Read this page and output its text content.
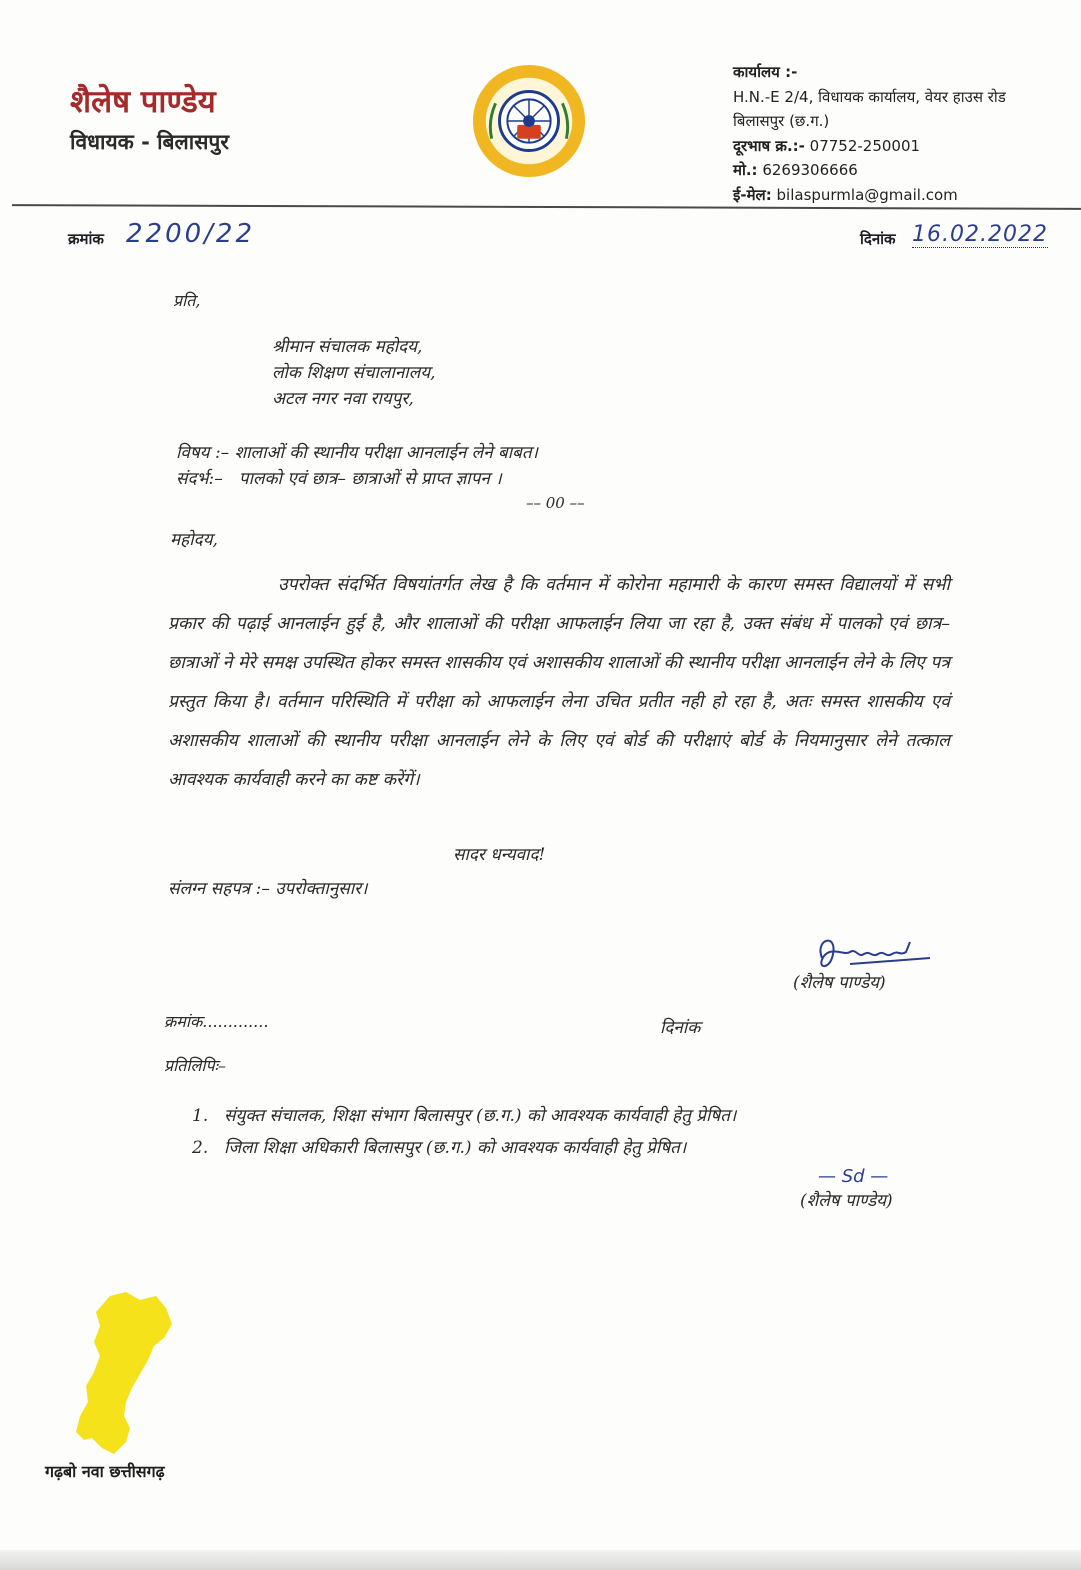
शैलेष पाण्डेय
विधायक - बिलासपुर
कार्यालय :-
H.N.-E 2/4, विधायक कार्यालय, वेयर हाउस रोड
बिलासपुर (छ.ग.)
दूरभाष क्र.:- 07752-250001
मो.: 6269306666
ई-मेल: bilaspurmla@gmail.com
क्रमांक 2200/22	दिनांक 16.02.2022
प्रति,
श्रीमान संचालक महोदय,
लोक शिक्षण संचालानालय,
अटल नगर नवा रायपुर,
विषय :– शालाओं की स्थानीय परीक्षा आनलाईन लेने बाबत।
संदर्भ:–   पालको एवं छात्र– छात्राओं से प्राप्त ज्ञापन ।
–– 00 ––
महोदय,
उपरोक्त संदर्भित विषयांतर्गत लेख है कि वर्तमान में कोरोना महामारी के कारण समस्त विद्यालयों में सभी प्रकार की पढ़ाई आनलाईन हुई है, और शालाओं की परीक्षा आफलाईन लिया जा रहा है, उक्त संबंध में पालको एवं छात्र– छात्राओं ने मेरे समक्ष उपस्थित होकर समस्त शासकीय एवं अशासकीय शालाओं की स्थानीय परीक्षा आनलाईन लेने के लिए पत्र प्रस्तुत किया है। वर्तमान परिस्थिति में परीक्षा को आफलाईन लेना उचित प्रतीत नही हो रहा है, अतः समस्त शासकीय एवं अशासकीय शालाओं की स्थानीय परीक्षा आनलाईन लेने के लिए एवं बोर्ड की परीक्षाएं बोर्ड के नियमानुसार लेने तत्काल आवश्यक कार्यवाही करने का कष्ट करेंगें।
सादर धन्यवाद!
संलग्न सहपत्र :– उपरोक्तानुसार।
(शैलेष पाण्डेय)
क्रमांक.............	दिनांक
प्रतिलिपिः–
1. संयुक्त संचालक, शिक्षा संभाग बिलासपुर (छ.ग.) को आवश्यक कार्यवाही हेतु प्रेषित।
2. जिला शिक्षा अधिकारी बिलासपुर (छ.ग.) को आवश्यक कार्यवाही हेतु प्रेषित।
— Sd —
(शैलेष पाण्डेय)
गढ़बो नवा छत्तीसगढ़
